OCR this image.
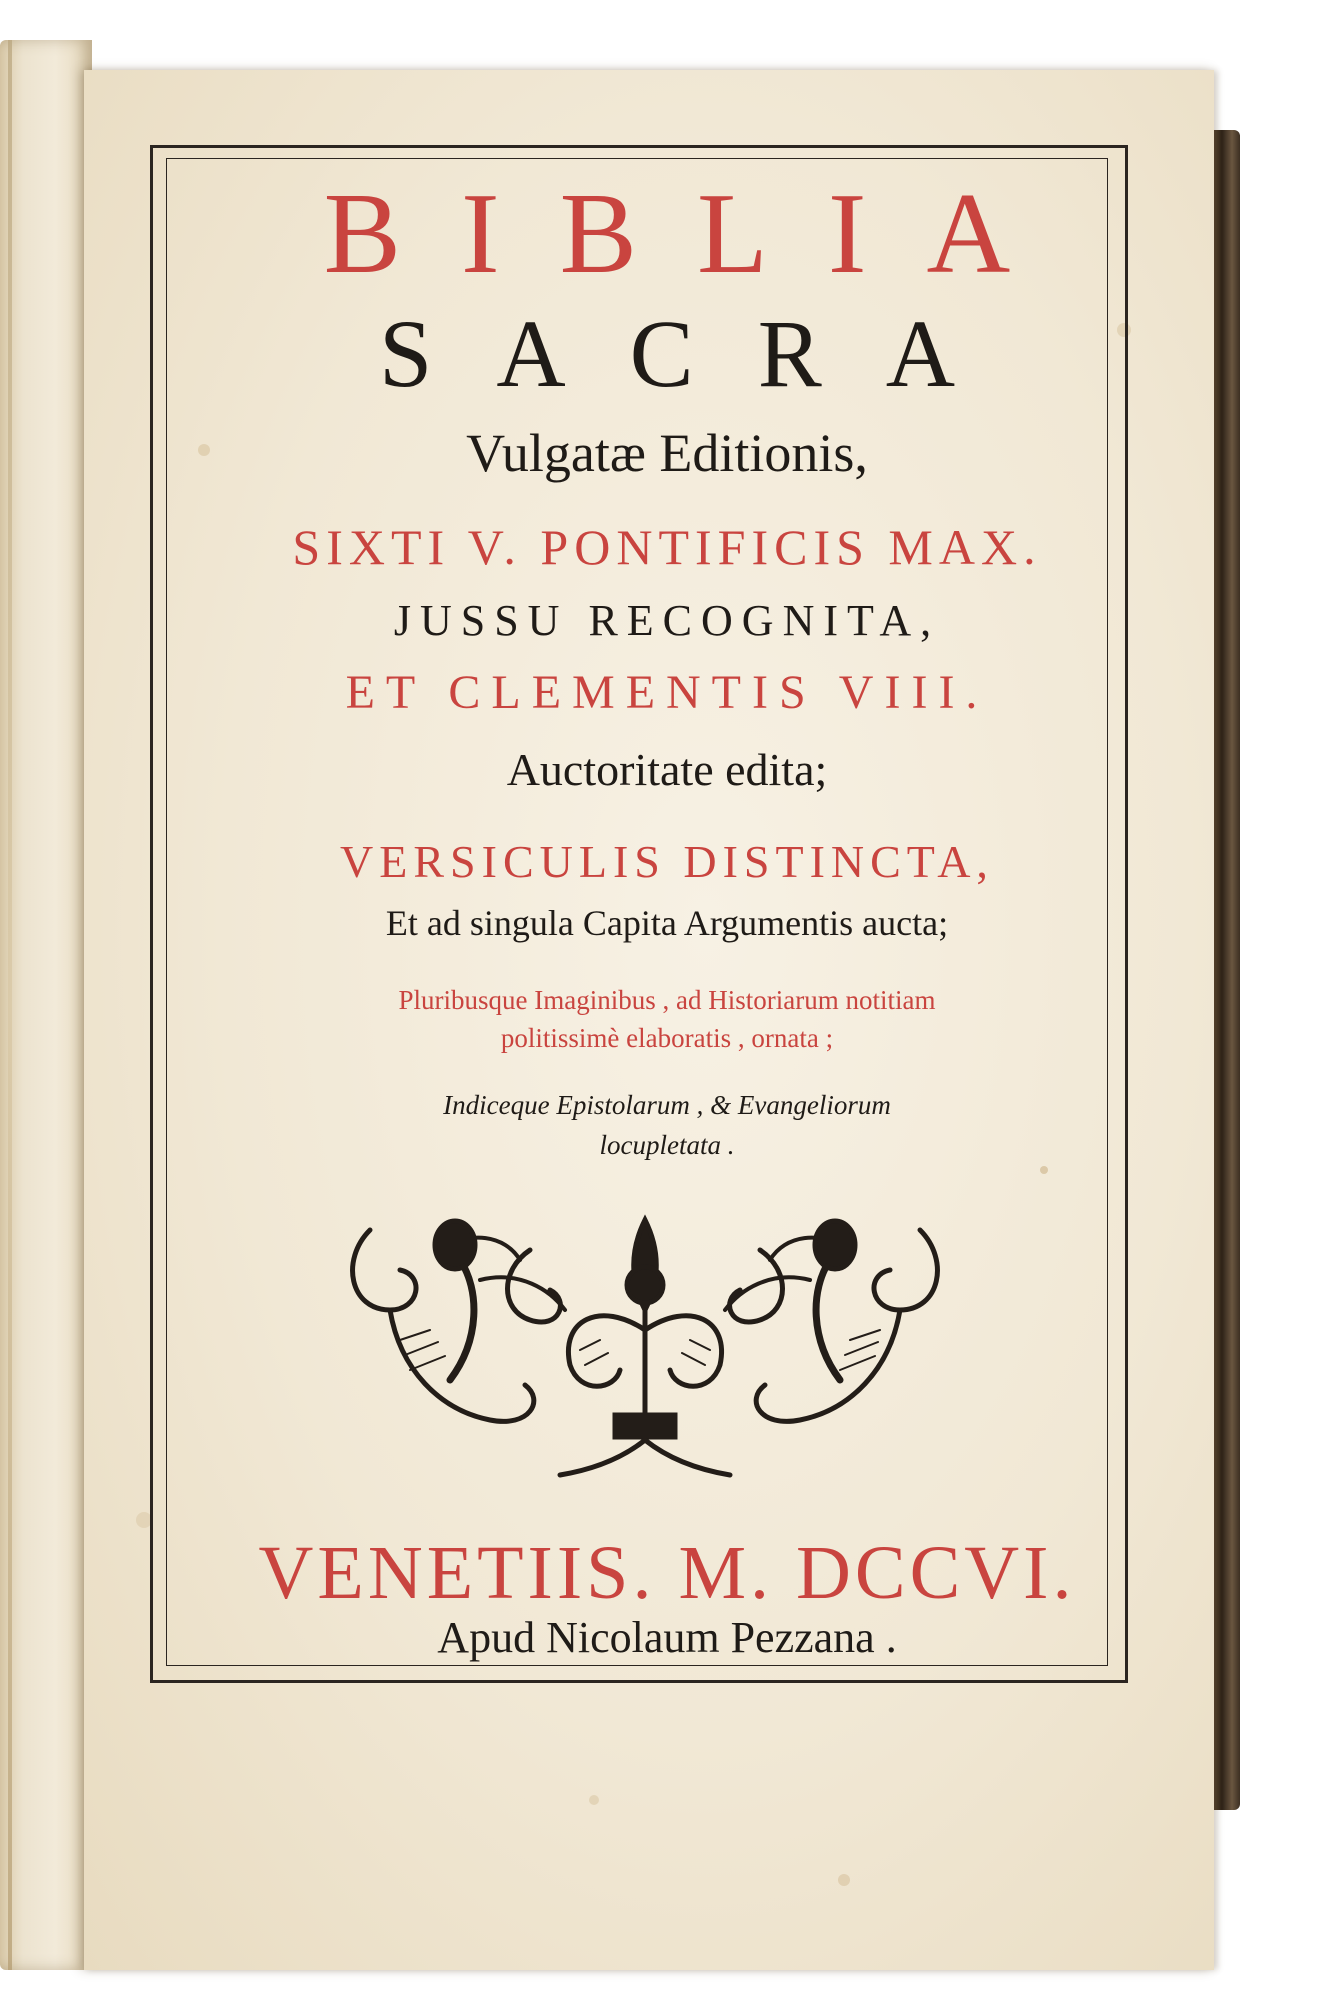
BIBLIA
SACRA
Vulgatæ Editionis,
SIXTI V. PONTIFICIS MAX.
JUSSU RECOGNITA,
ET CLEMENTIS VIII.
Auctoritate edita;
VERSICULIS DISTINCTA,
Et ad singula Capita Argumentis aucta;
Pluribusque Imaginibus , ad Historiarum notitiam
politissimè elaboratis , ornata ;
Indiceque Epistolarum , & Evangeliorum
locupletata .
VENETIIS. M. DCCVI.
Apud Nicolaum Pezzana .
